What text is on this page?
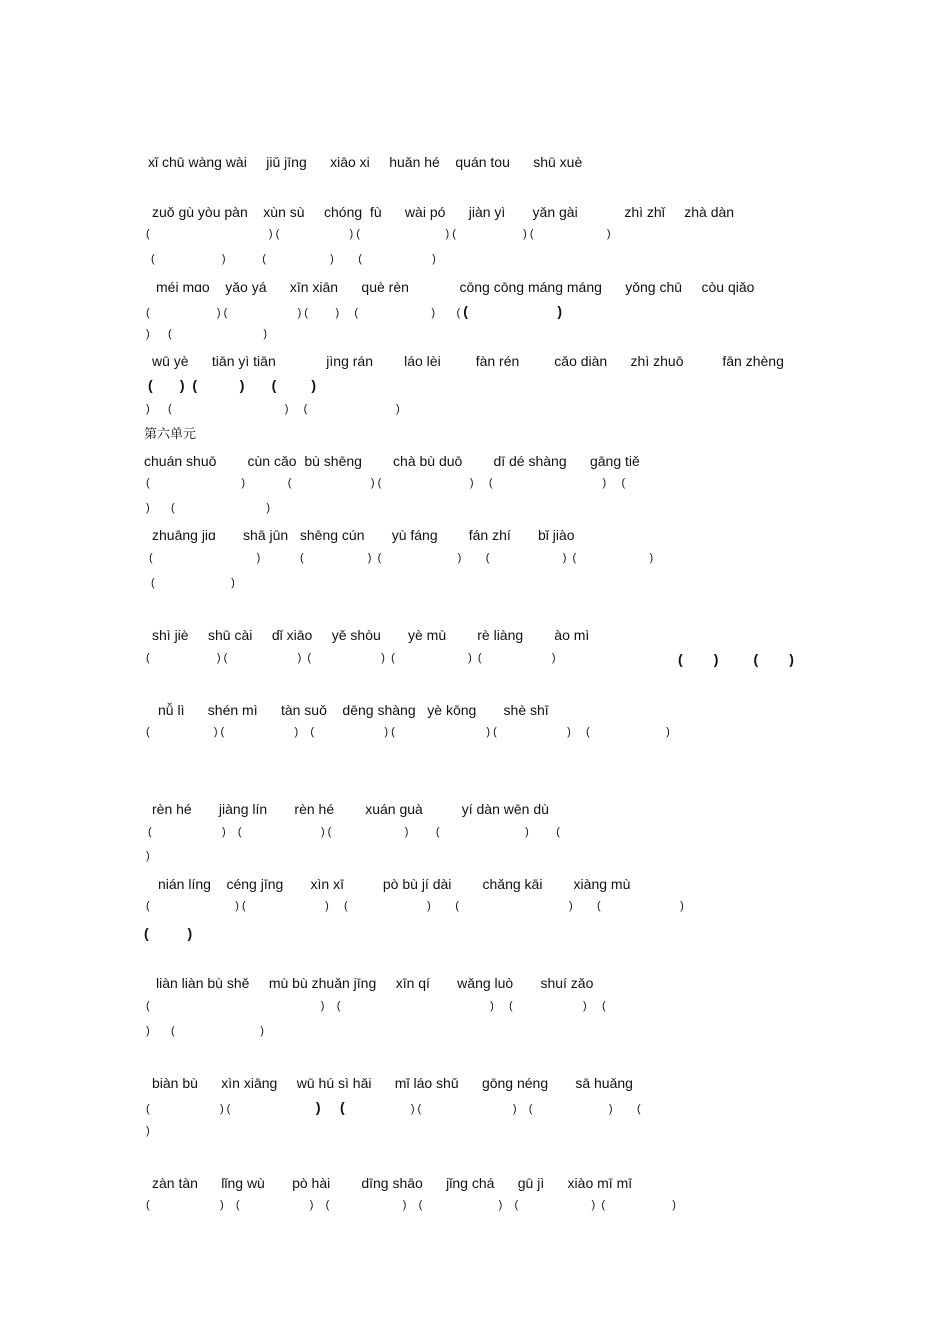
xǐ chū wàng wài     jiǔ jīng      xiāo xi     huǎn hé    quán tou      shū xuè
zuǒ gù yòu pàn    xùn sù     chóng  fù      wài pó      jiàn yì       yǎn gài            zhì zhǐ     zhà dàn
(                                       ) (                       ) (                            ) (                      ) (                        )
(                      )            (                     )        (                       )
méi mɑo    yǎo yá      xīn xiān      què rèn             cōng cōng máng máng      yǒng chū     còu qiǎo
(                      ) (                       ) (         )     (                        )       ( (                       )
)      (                              )
wū yè      tiān yì tiān             jìng rán        láo lèi         fàn rén         cǎo diàn      zhì zhuō          fān zhèng
(       )  (           )       (         )
)      (                                     )     (                             )
第六单元
chuán shuō        cùn cǎo  bù shēng        chà bù duō        dī dé shàng      gāng tiě
(                              )              (                          ) (                             )     (                                    )     (
)       (                              )
zhuāng jiɑ       shā jūn   shēng cún       yù fáng        fán zhí       bǐ jiào
(                                  )             (                     )  (                         )        (                        )  (                        )
(                         )
shì jiè     shū cài     dǐ xiāo     yě shòu       yè mù        rè liàng        ào mì
(                      ) (                       )  (                       )  (                        )  (                       )	(        )         (        )
nǚ lì      shén mì      tàn suǒ    dēng shàng   yè kōng       shè shī
(                     ) (                       )    (                       ) (                              ) (                       )     (                         )
rèn hé       jiàng lín       rèn hé        xuán guà          yí dàn wēn dù
(                       )    (                          ) (                        )         (                            )         (
)
nián líng    céng jīng       xìn xī          pò bù jí dài        chǎng kāi        xiàng mù
(                            ) (                          )     (                          )        (                                    )        (                          )
(          )
liàn liàn bù shě     mù bù zhuǎn jīng     xīn qí       wǎng luò       shuí zǎo
(                                                        )    (                                                 )     (                       )     (
)       (                            )
biàn bù      xìn xiāng     wū hú sì hǎi      mǐ láo shǔ      gōng néng       sā huǎng
(                       ) (                            )     (                 ) (                              )    (                         )        (
)
zàn tàn      lǐng wù       pò hài        dīng shāo      jǐng chá      gū jì      xiào mī mī
(                       )    (                       )    (                        )    (                         )    (                        )  (                      )
